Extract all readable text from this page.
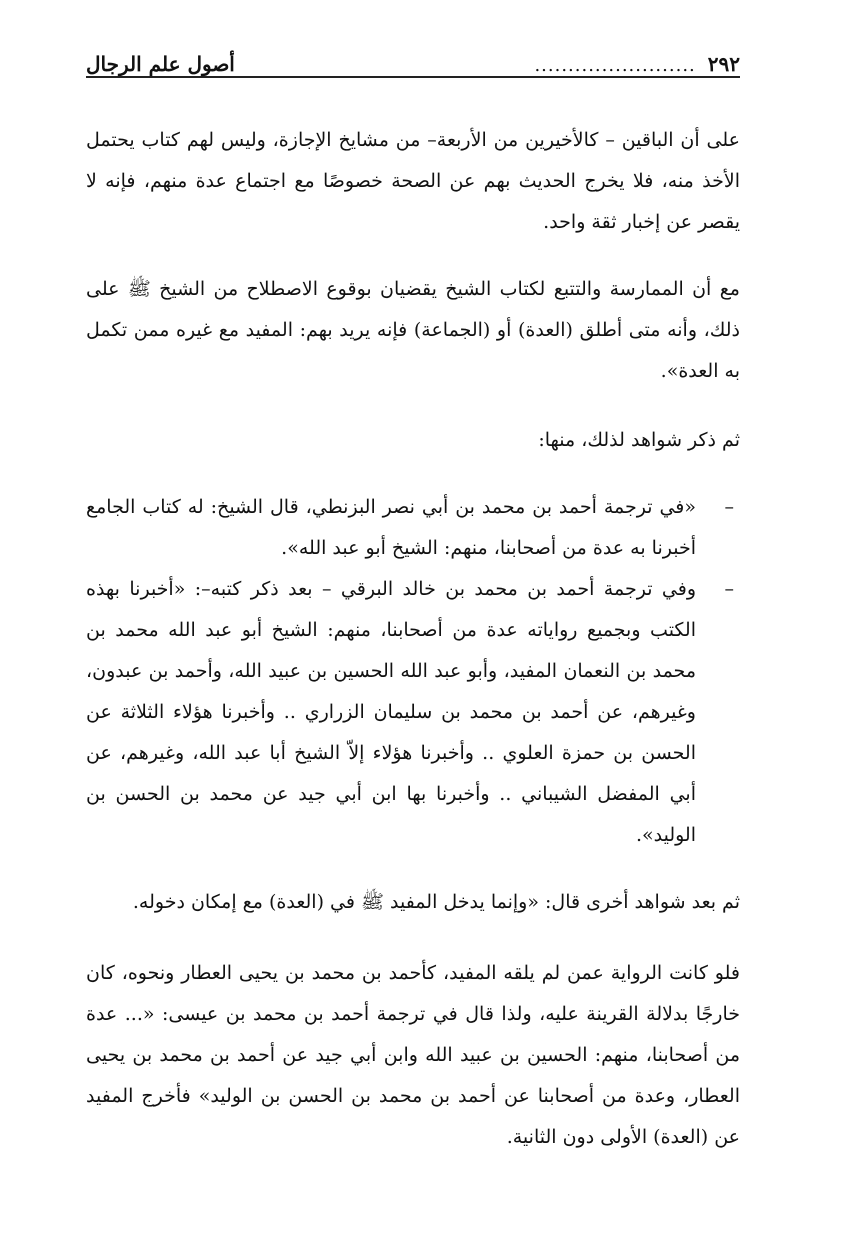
٢٩٢
........................
أصول علم الرجال

على أن الباقين – كالأخيرين من الأربعة– من مشايخ الإجازة، وليس لهم كتاب يحتمل الأخذ منه، فلا يخرج الحديث بهم عن الصحة خصوصًا مع اجتماع عدة منهم، فإنه لا يقصر عن إخبار ثقة واحد.

مع أن الممارسة والتتبع لكتاب الشيخ يقضيان بوقوع الاصطلاح من الشيخ ﷺ على ذلك، وأنه متى أطلق (العدة) أو (الجماعة) فإنه يريد بهم: المفيد مع غيره ممن تكمل به العدة».

ثم ذكر شواهد لذلك، منها:

–
«في ترجمة أحمد بن محمد بن أبي نصر البزنطي، قال الشيخ: له كتاب الجامع أخبرنا به عدة من أصحابنا، منهم: الشيخ أبو عبد الله».
–
وفي ترجمة أحمد بن محمد بن خالد البرقي – بعد ذكر كتبه–: «أخبرنا بهذه الكتب وبجميع رواياته عدة من أصحابنا، منهم: الشيخ أبو عبد الله محمد بن محمد بن النعمان المفيد، وأبو عبد الله الحسين بن عبيد الله، وأحمد بن عبدون، وغيرهم، عن أحمد بن محمد بن سليمان الزراري .. وأخبرنا هؤلاء الثلاثة عن الحسن بن حمزة العلوي .. وأخبرنا هؤلاء إلاّ الشيخ أبا عبد الله، وغيرهم، عن أبي المفضل الشيباني .. وأخبرنا بها ابن أبي جيد عن محمد بن الحسن بن الوليد».

ثم بعد شواهد أخرى قال: «وإنما يدخل المفيد ﷺ في (العدة) مع إمكان دخوله.

فلو كانت الرواية عمن لم يلقه المفيد، كأحمد بن محمد بن يحيى العطار ونحوه، كان خارجًا بدلالة القرينة عليه، ولذا قال في ترجمة أحمد بن محمد بن عيسى: «... عدة من أصحابنا، منهم: الحسين بن عبيد الله وابن أبي جيد عن أحمد بن محمد بن يحيى العطار، وعدة من أصحابنا عن أحمد بن محمد بن الحسن بن الوليد» فأخرج المفيد عن (العدة) الأولى دون الثانية.
